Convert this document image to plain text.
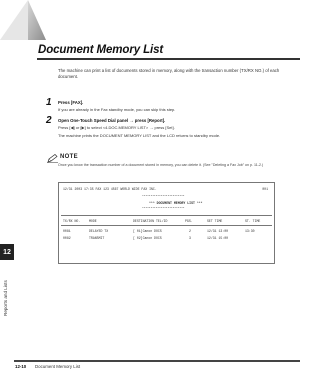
Document Memory List

The machine can print a list of documents stored in memory, along with the transaction number (TX/RX NO.) of each document.

1 Press [FAX].
If you are already in the Fax standby mode, you can skip this step.
2 Open One-Touch Speed Dial panel → press [Report].
Press [◀] or [▶] to select <4.DOC.MEMORY LIST> → press [Set].
The machine prints the DOCUMENT MEMORY LIST and the LCD returns to standby mode.
NOTE
Once you know the transaction number of a document stored in memory, you can delete it. (See "Deleting a Fax Job" on p. 11-2.)
12/31 2003 17:35 FAX 123 4567 WORLD WIDE FAX INC.	001
*************************
*** DOCUMENT MEMORY LIST ***
*************************
TX/RX NO.	MODE	DESTINATION TEL/ID	PGS.	SET TIME	ST. TIME
0081	DELAYED TX	[ 01]Canon DOCS	2	12/31 13:00	13:30
0082	TRANSMIT	[ 02]Canon DOCS	3	12/31 15:00
12
Reports and Lists
12-10 Document Memory List
